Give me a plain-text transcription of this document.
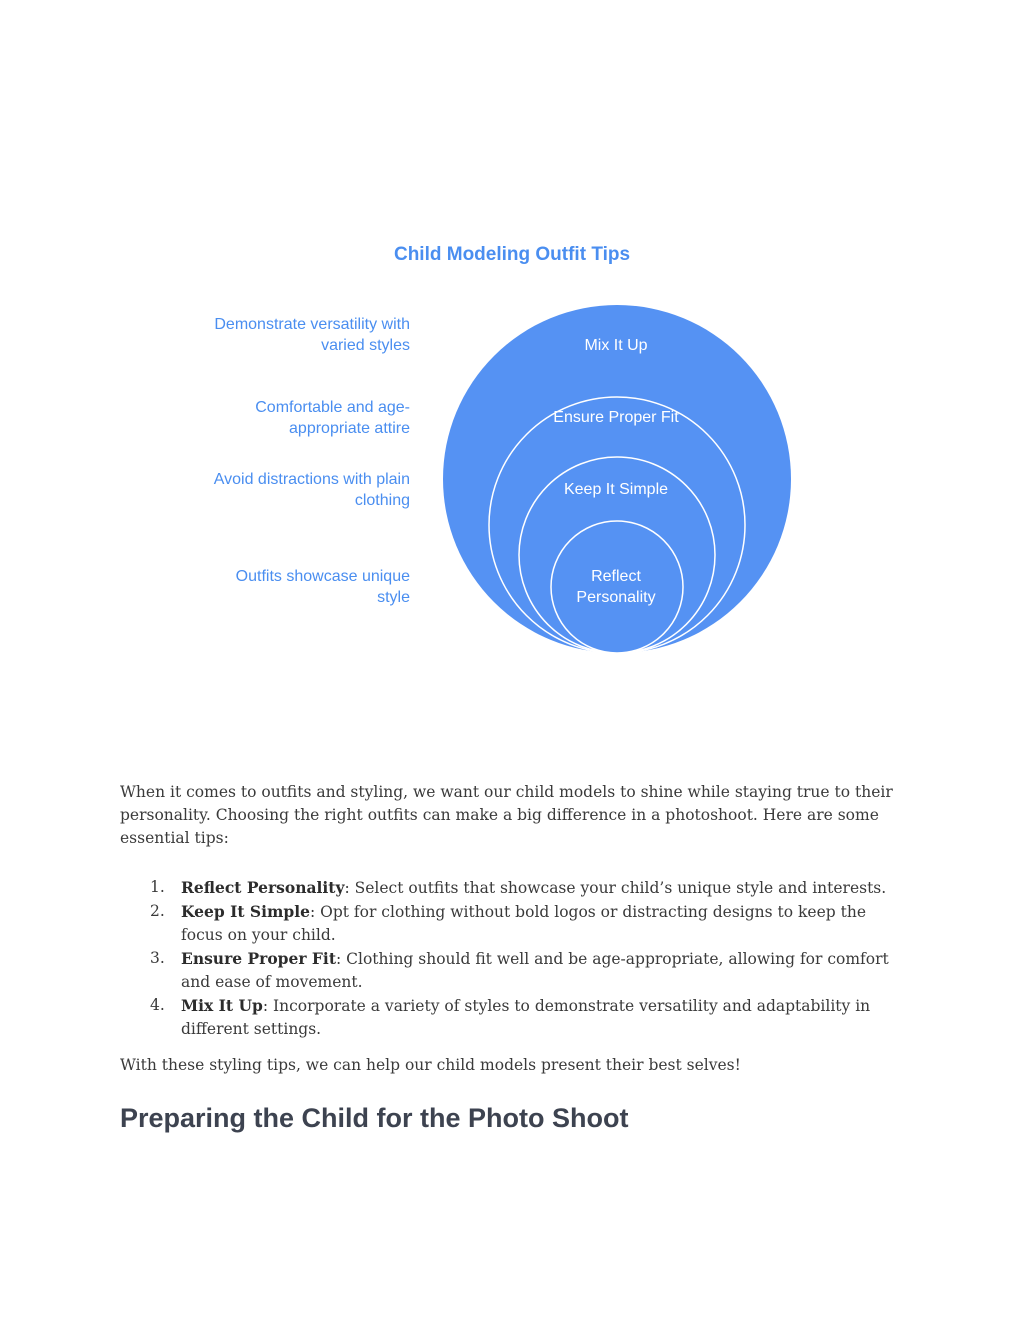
Child Modeling Outfit Tips
Demonstrate versatility with varied styles
Comfortable and age-appropriate attire
Avoid distractions with plain clothing
Outfits showcase unique style
Mix It Up
Ensure Proper Fit
Keep It Simple
Reflect Personality

When it comes to outfits and styling, we want our child models to shine while staying true to their personality. Choosing the right outfits can make a big difference in a photoshoot. Here are some essential tips:

1. Reflect Personality: Select outfits that showcase your child’s unique style and interests.
2. Keep It Simple: Opt for clothing without bold logos or distracting designs to keep the focus on your child.
3. Ensure Proper Fit: Clothing should fit well and be age-appropriate, allowing for comfort and ease of movement.
4. Mix It Up: Incorporate a variety of styles to demonstrate versatility and adaptability in different settings.

With these styling tips, we can help our child models present their best selves!

Preparing the Child for the Photo Shoot
